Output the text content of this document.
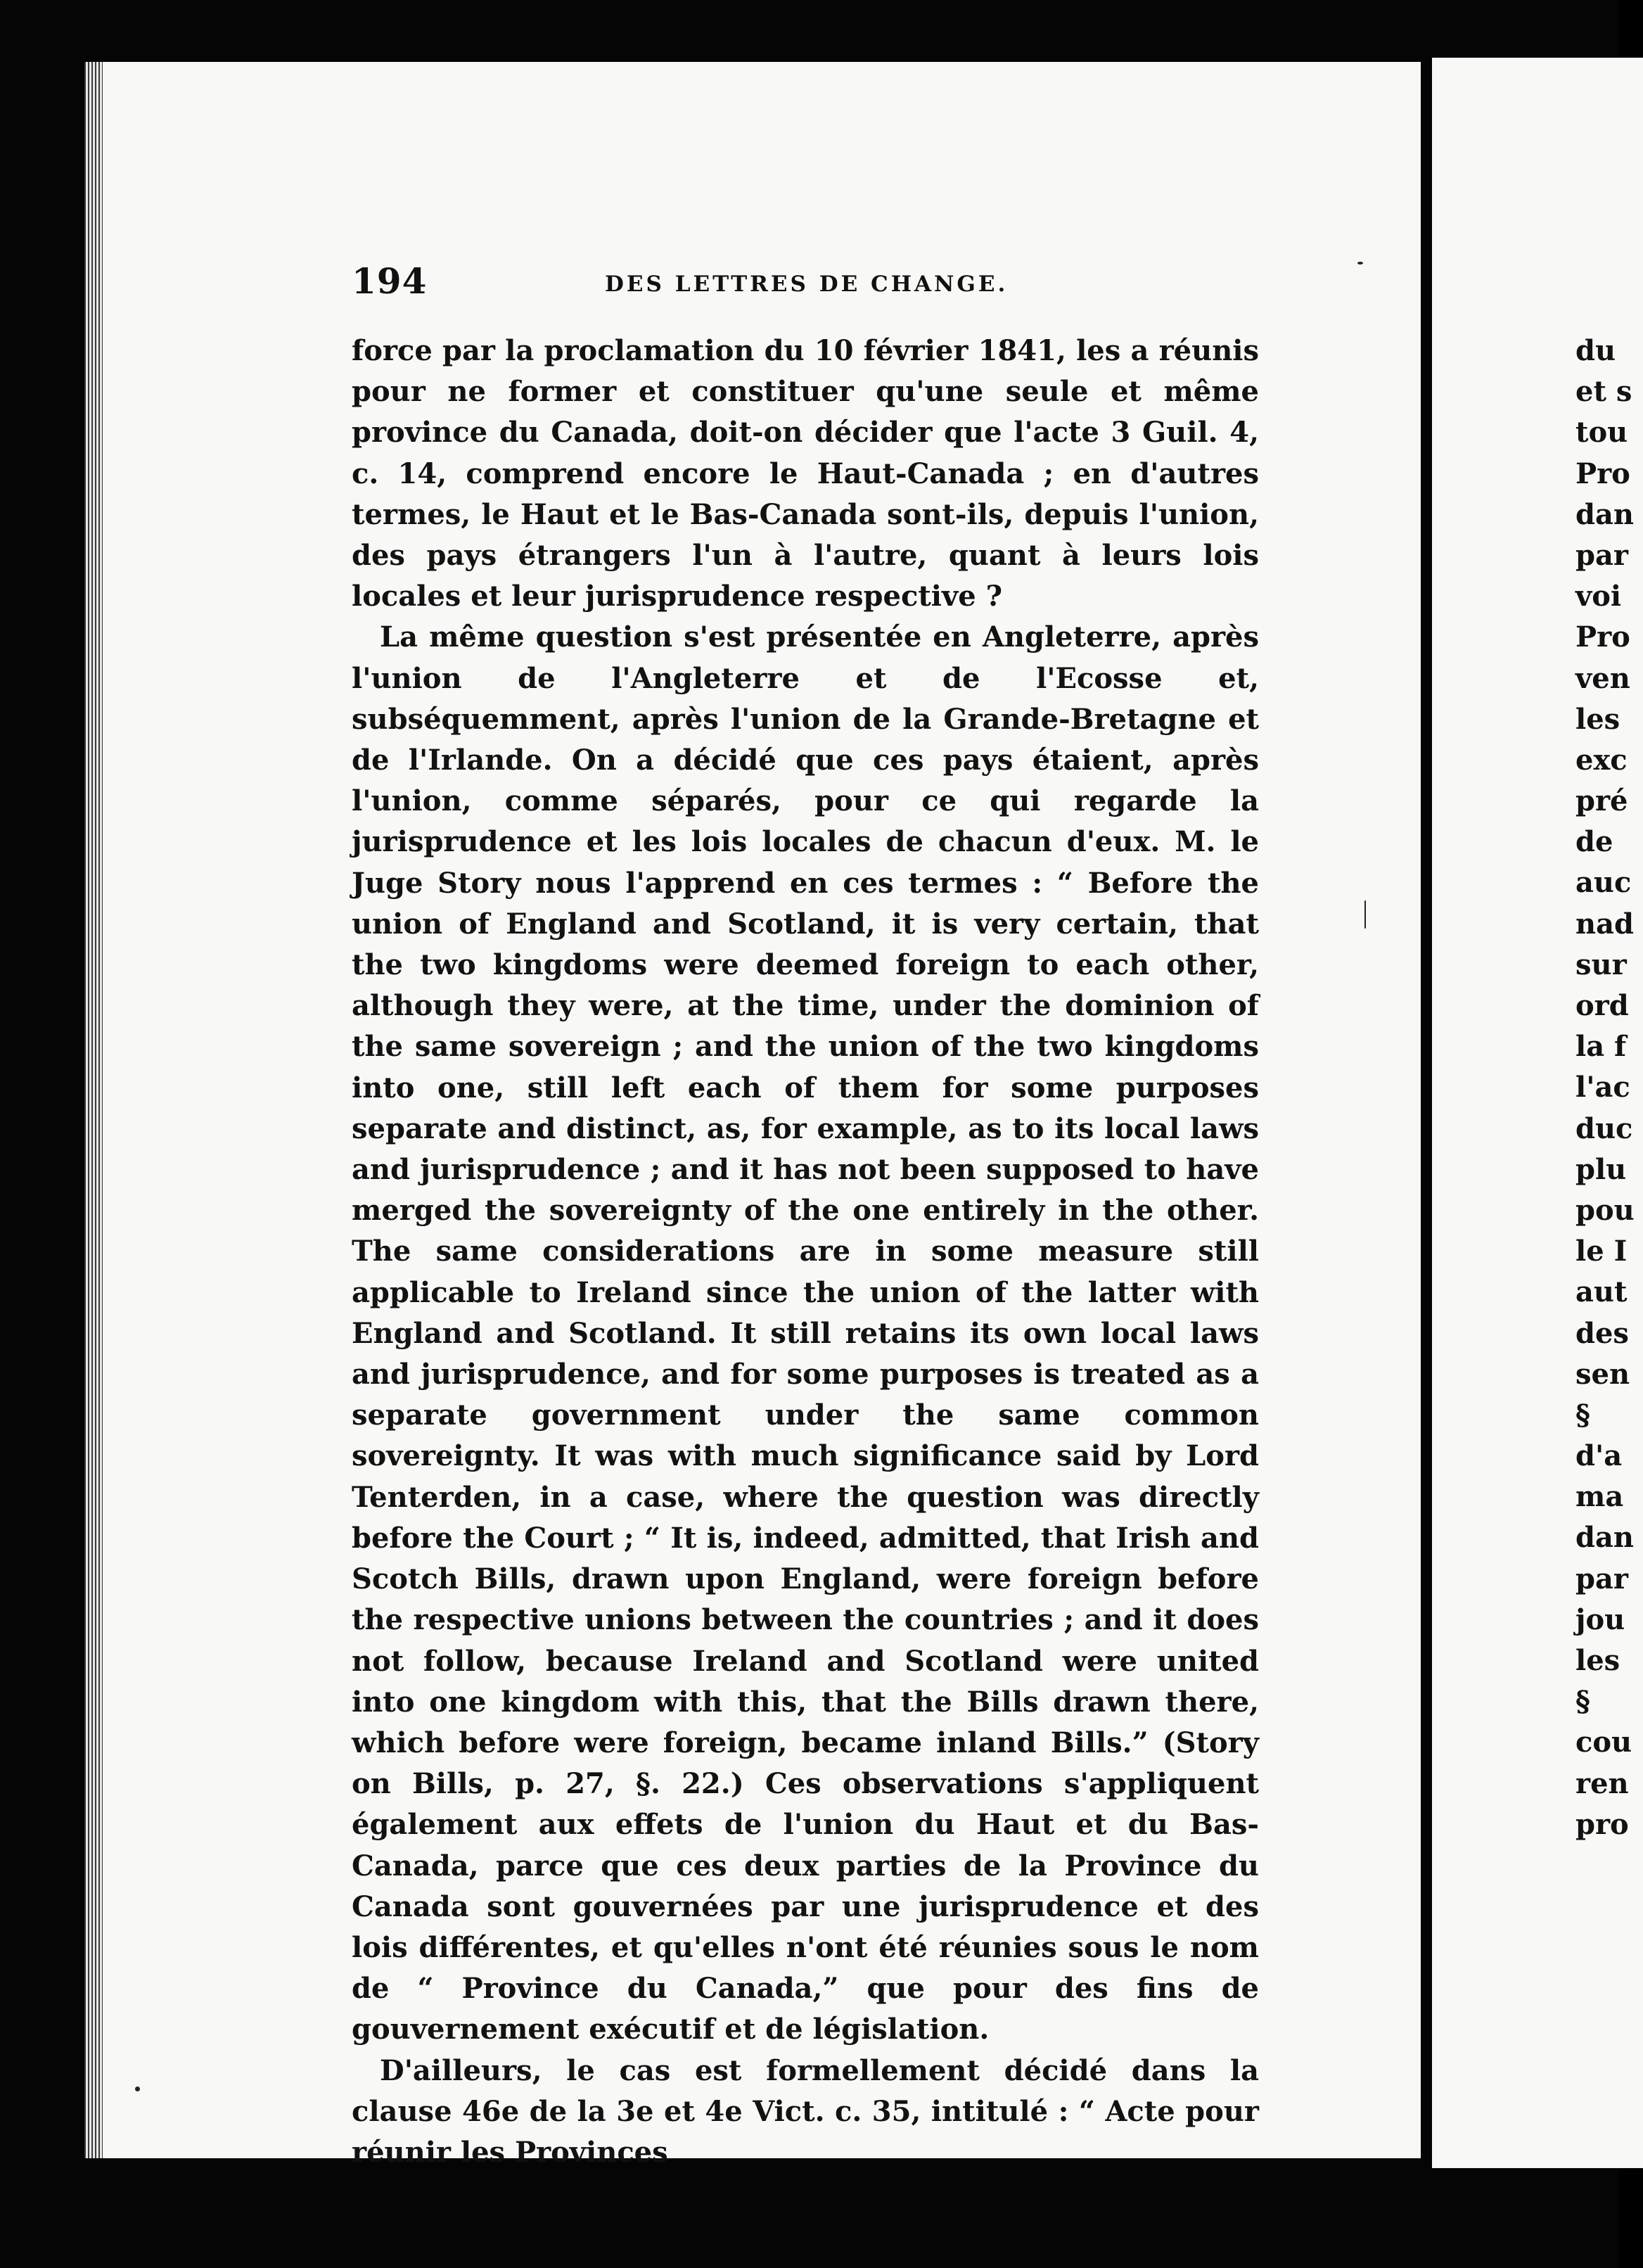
194	DES LETTRES DE CHANGE.

force par la proclamation du 10 février 1841, les a réunis pour ne former et constituer qu'une seule et même province du Canada, doit-on décider que l'acte 3 Guil. 4, c. 14, comprend encore le Haut-Canada ; en d'autres termes, le Haut et le Bas-Canada sont-ils, depuis l'union, des pays étrangers l'un à l'autre, quant à leurs lois locales et leur jurisprudence respective ?

La même question s'est présentée en Angleterre, après l'union de l'Angleterre et de l'Ecosse et, subséquemment, après l'union de la Grande-Bretagne et de l'Irlande. On a décidé que ces pays étaient, après l'union, comme séparés, pour ce qui regarde la jurisprudence et les lois locales de chacun d'eux. M. le Juge Story nous l'apprend en ces termes : “ Before the union of England and Scotland, it is very certain, that the two kingdoms were deemed foreign to each other, although they were, at the time, under the dominion of the same sovereign ; and the union of the two kingdoms into one, still left each of them for some purposes separate and distinct, as, for example, as to its local laws and jurisprudence ; and it has not been supposed to have merged the sovereignty of the one entirely in the other. The same considerations are in some measure still applicable to Ireland since the union of the latter with England and Scotland. It still retains its own local laws and jurisprudence, and for some purposes is treated as a separate government under the same common sovereignty. It was with much significance said by Lord Tenterden, in a case, where the question was directly before the Court ; “ It is, indeed, admitted, that Irish and Scotch Bills, drawn upon England, were foreign before the respective unions between the countries ; and it does not follow, because Ireland and Scotland were united into one kingdom with this, that the Bills drawn there, which before were foreign, became inland Bills.” (Story on Bills, p. 27, §. 22.) Ces observations s'appliquent également aux effets de l'union du Haut et du Bas-Canada, parce que ces deux parties de la Province du Canada sont gouvernées par une jurisprudence et des lois différentes, et qu'elles n'ont été réunies sous le nom de “ Province du Canada,” que pour des fins de gouvernement exécutif et de législation.

D'ailleurs, le cas est formellement décidé dans la clause 46e de la 3e et 4e Vict. c. 35, intitulé : “ Acte pour réunir les Provinces

du
et s
tou
Pro
dan
par
voi
Pro
ven
les
exc
pré
de
auc
nad
sur
ord
la f
l'ac
duc
plu
pou
le I
aut
des
sen
§
d'a
ma
dan
par
jou
les
§
cou
ren
pro
